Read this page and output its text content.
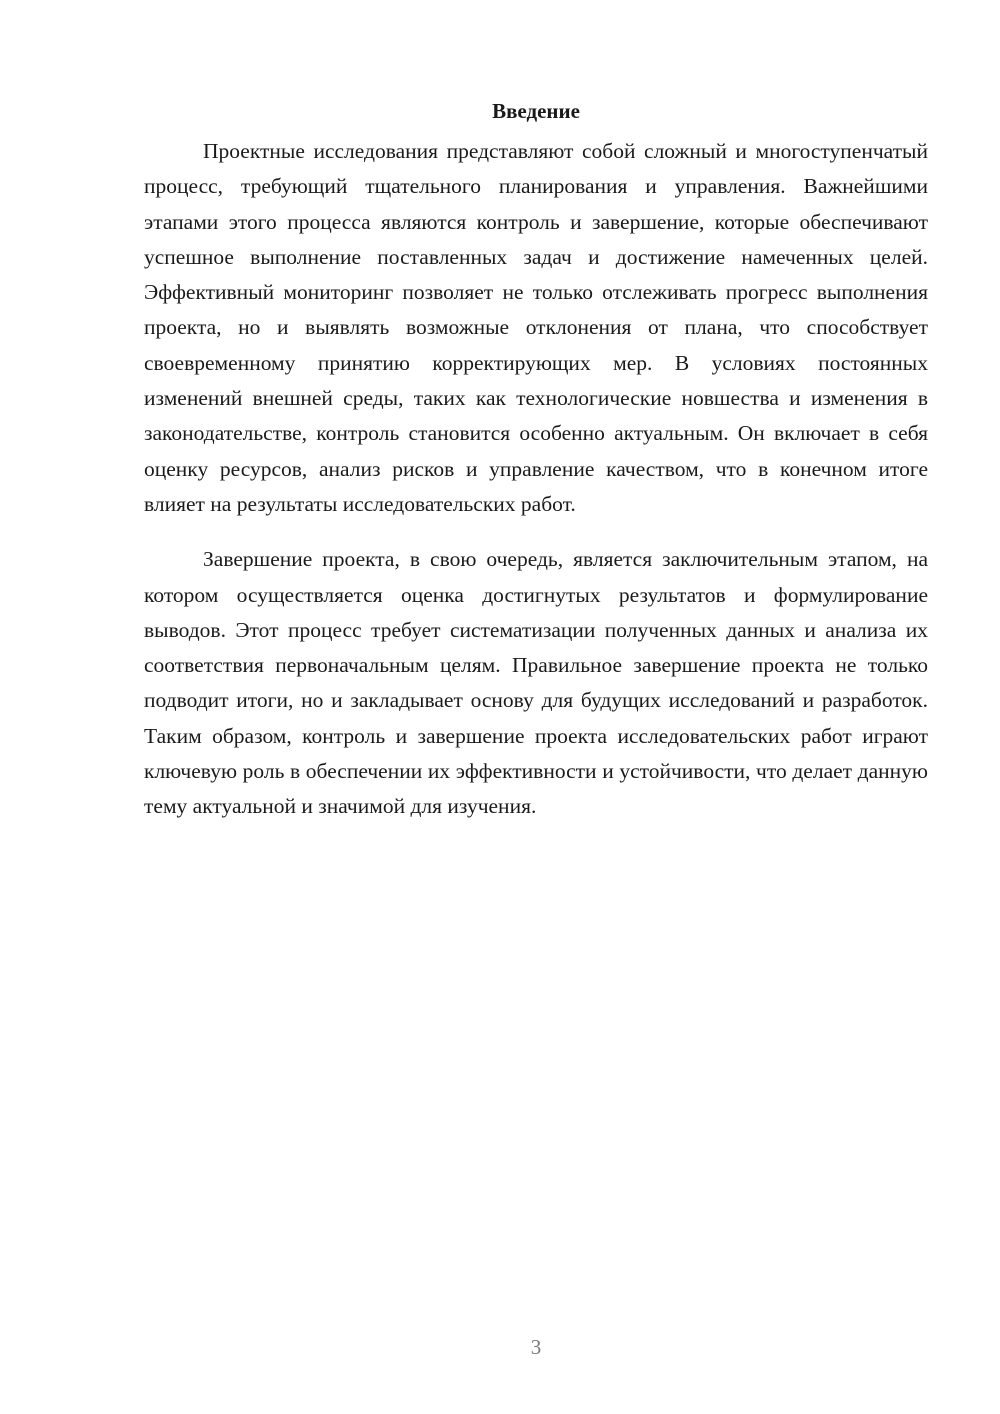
Введение

Проектные исследования представляют собой сложный и многоступенчатый процесс, требующий тщательного планирования и управления. Важнейшими этапами этого процесса являются контроль и завершение, которые обеспечивают успешное выполнение поставленных задач и достижение намеченных целей. Эффективный мониторинг позволяет не только отслеживать прогресс выполнения проекта, но и выявлять возможные отклонения от плана, что способствует своевременному принятию корректирующих мер. В условиях постоянных изменений внешней среды, таких как технологические новшества и изменения в законодательстве, контроль становится особенно актуальным. Он включает в себя оценку ресурсов, анализ рисков и управление качеством, что в конечном итоге влияет на результаты исследовательских работ.

Завершение проекта, в свою очередь, является заключительным этапом, на котором осуществляется оценка достигнутых результатов и формулирование выводов. Этот процесс требует систематизации полученных данных и анализа их соответствия первоначальным целям. Правильное завершение проекта не только подводит итоги, но и закладывает основу для будущих исследований и разработок. Таким образом, контроль и завершение проекта исследовательских работ играют ключевую роль в обеспечении их эффективности и устойчивости, что делает данную тему актуальной и значимой для изучения.

3
